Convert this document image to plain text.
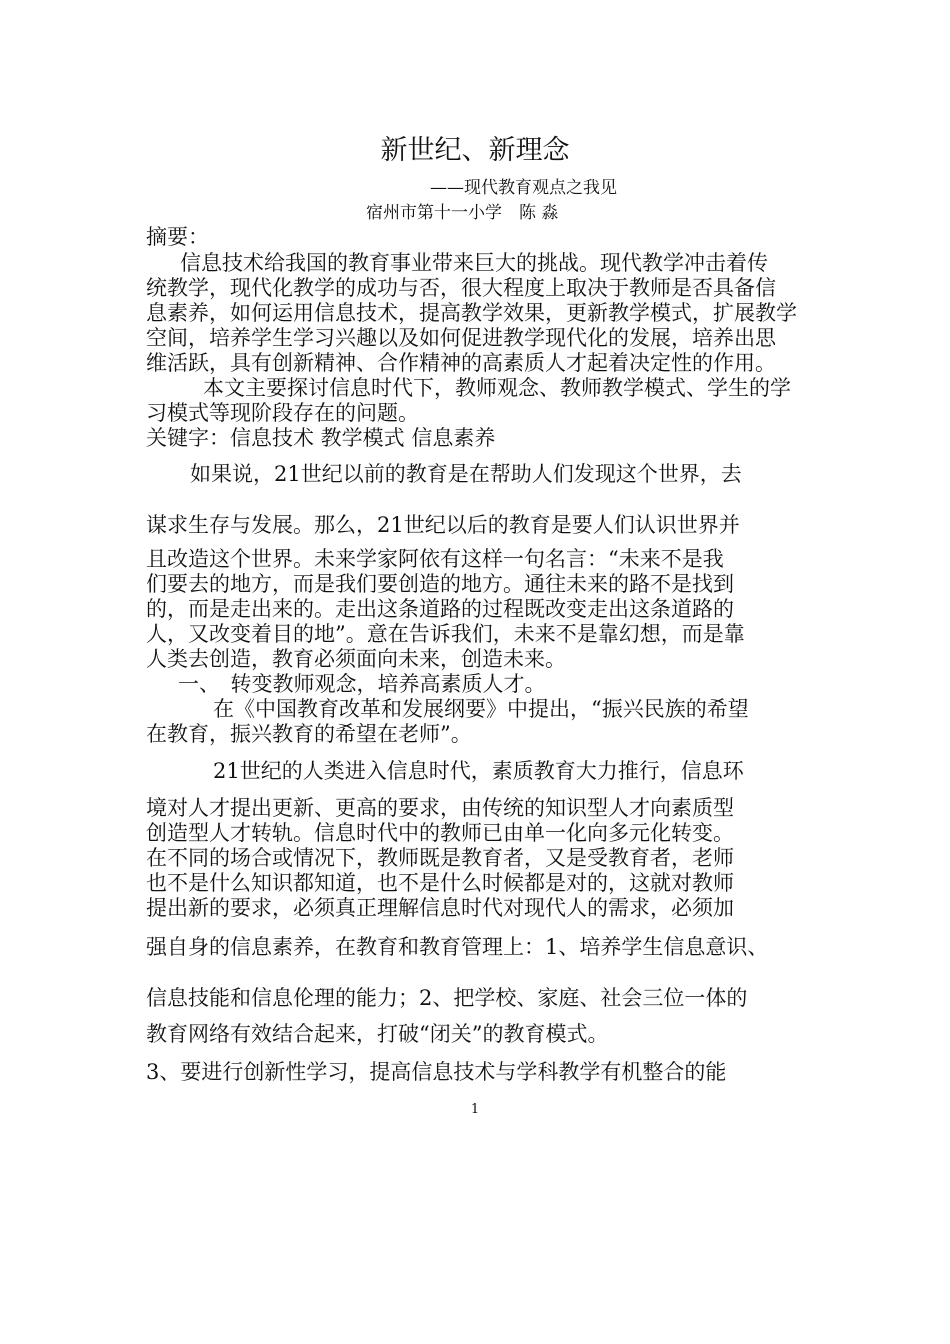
新世纪、新理念
——现代教育观点之我见
宿州市第十一小学　陈 淼
摘要：
信息技术给我国的教育事业带来巨大的挑战。现代教学冲击着传
统教学，现代化教学的成功与否，很大程度上取决于教师是否具备信
息素养，如何运用信息技术，提高教学效果，更新教学模式，扩展教学
空间，培养学生学习兴趣以及如何促进教学现代化的发展，培养出思
维活跃，具有创新精神、合作精神的高素质人才起着决定性的作用。
本文主要探讨信息时代下，教师观念、教师教学模式、学生的学
习模式等现阶段存在的问题。
关键字：信息技术 教学模式 信息素养
如果说，21世纪以前的教育是在帮助人们发现这个世界，去
谋求生存与发展。那么，21世纪以后的教育是要人们认识世界并
且改造这个世界。未来学家阿依有这样一句名言：“未来不是我
们要去的地方，而是我们要创造的地方。通往未来的路不是找到
的，而是走出来的。走出这条道路的过程既改变走出这条道路的
人，又改变着目的地”。意在告诉我们，未来不是靠幻想，而是靠
人类去创造，教育必须面向未来，创造未来。
一、　转变教师观念，培养高素质人才。
在《中国教育改革和发展纲要》中提出，“振兴民族的希望
在教育，振兴教育的希望在老师”。
21世纪的人类进入信息时代，素质教育大力推行，信息环
境对人才提出更新、更高的要求，由传统的知识型人才向素质型
创造型人才转轨。信息时代中的教师已由单一化向多元化转变。
在不同的场合或情况下，教师既是教育者，又是受教育者，老师
也不是什么知识都知道，也不是什么时候都是对的，这就对教师
提出新的要求，必须真正理解信息时代对现代人的需求，必须加
强自身的信息素养，在教育和教育管理上：1、培养学生信息意识、
信息技能和信息伦理的能力；2、把学校、家庭、社会三位一体的
教育网络有效结合起来，打破“闭关”的教育模式。
3、要进行创新性学习，提高信息技术与学科教学有机整合的能
1
